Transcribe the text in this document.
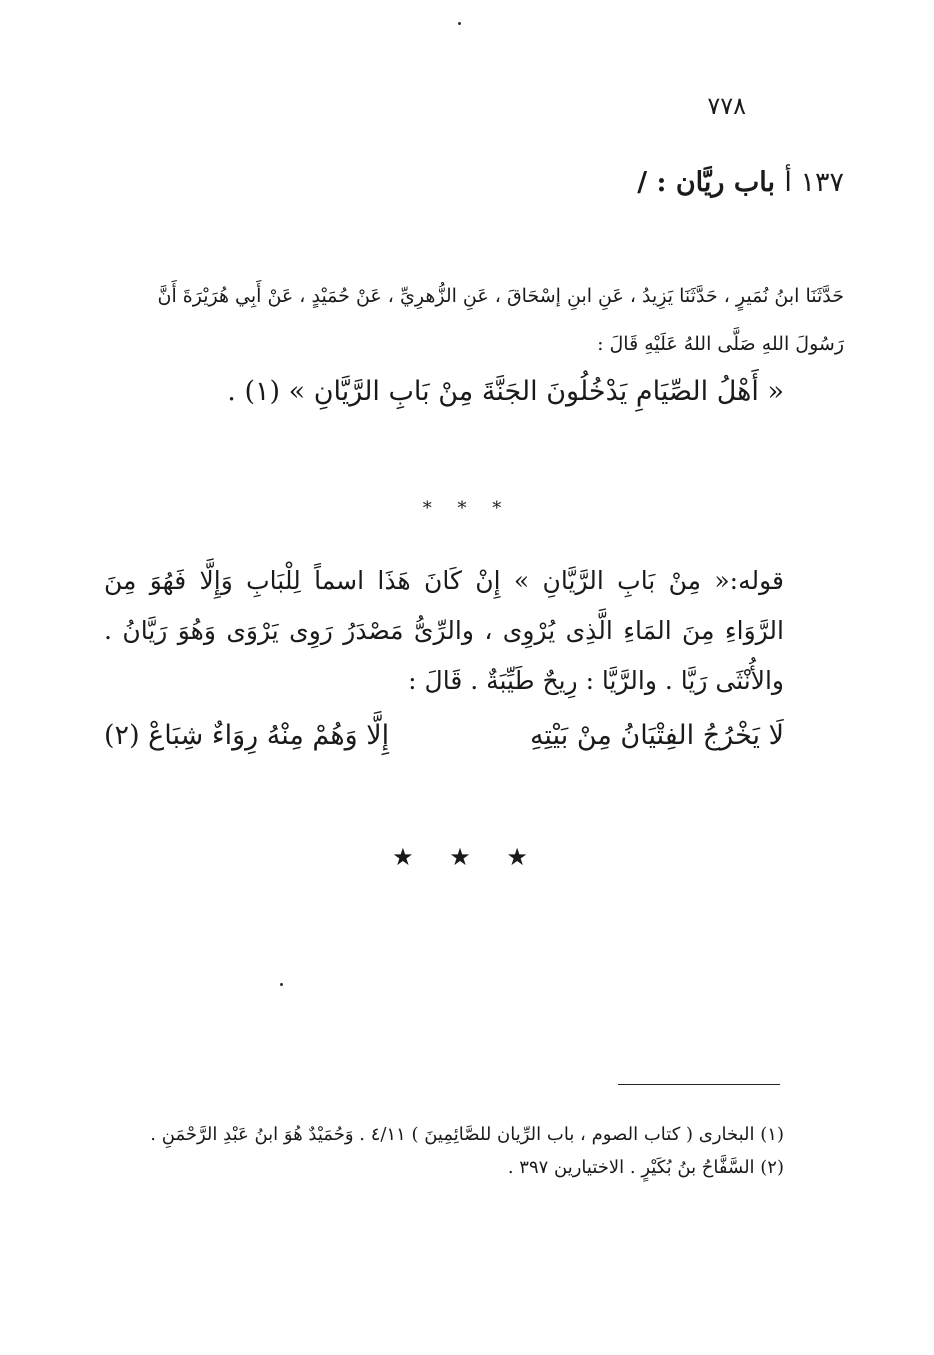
٧٧٨
١٣٧ أ باب ريَّان : /
حَدَّثَنَا ابنُ نُمَيرٍ ، حَدَّثَنَا يَزِيدُ ، عَنِ ابنِ إسْحَاقَ ، عَنِ الزُّهرِيِّ ، عَنْ حُمَيْدٍ ، عَنْ أَبِي هُرَيْرَةَ أَنَّ رَسُولَ اللهِ صَلَّى اللهُ عَلَيْهِ قَالَ :
« أَهْلُ الصِّيَامِ يَدْخُلُونَ الجَنَّةَ مِنْ بَابِ الرَّيَّانِ » (١) .
* * *
قوله:« مِنْ بَابِ الرَّيَّانِ » إِنْ كَانَ هَذَا اسماً لِلْبَابِ وَإِلَّا فَهُوَ مِنَ الرَّوَاءِ مِنَ المَاءِ الَّذِى يُرْوِى ، والرِّىُّ مَصْدَرُ رَوِى يَرْوَى وَهُوَ رَيَّانُ . والأُنْثَى رَيَّا . والرَّيَّا : رِيحٌ طَيِّبَةٌ . قَالَ :
لَا يَخْرُجُ الفِتْيَانُ مِنْ بَيْتِهِ
إِلَّا وَهُمْ مِنْهُ رِوَاءٌ شِبَاعْ (٢)
★ ★ ★

(١) البخارى ( كتاب الصوم ، باب الرِّيان للصَّائِمِينَ ) ٤/١١ . وَحُمَيْدٌ هُوَ ابنُ عَبْدِ الرَّحْمَنِ .

(٢) السَّفَّاحُ بنُ بُكَيْرٍ . الاختيارين ٣٩٧ .
